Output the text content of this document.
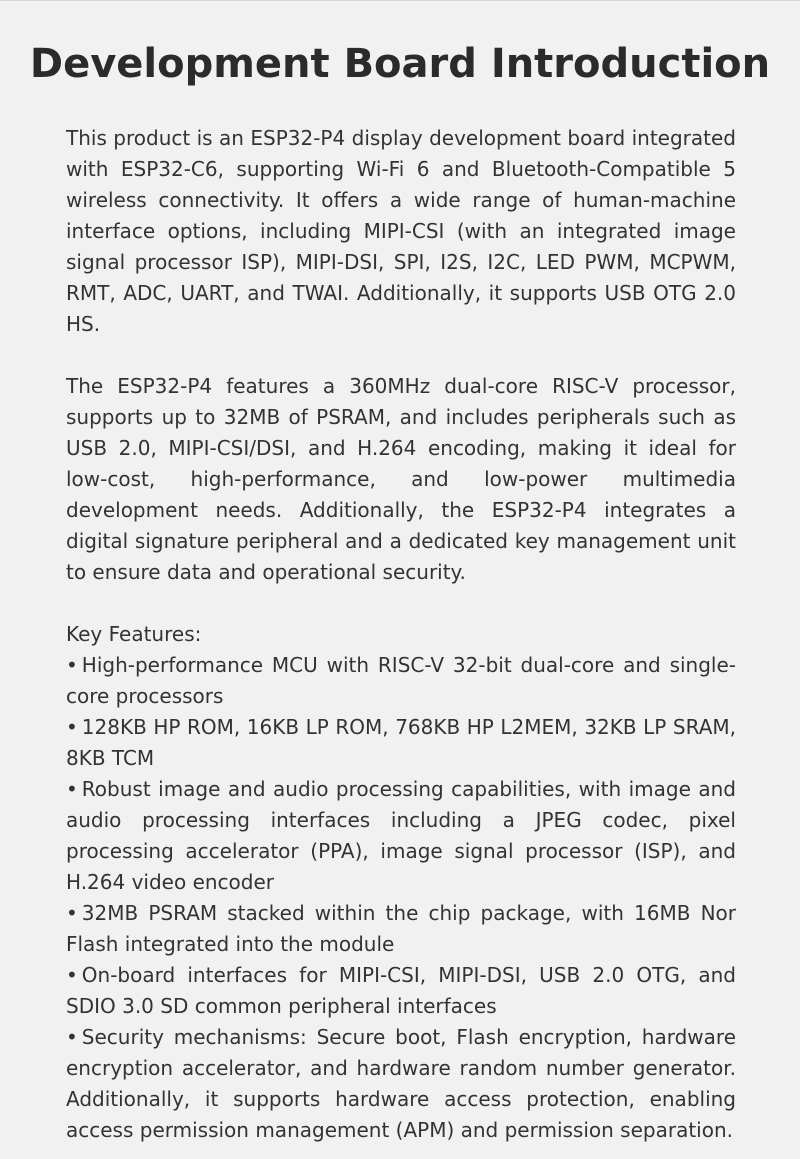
Development Board Introduction

This product is an ESP32-P4 display development board integrated with ESP32-C6, supporting Wi-Fi 6 and Bluetooth-Compatible 5 wireless connectivity. It offers a wide range of human-machine interface options, including MIPI-CSI (with an integrated image signal processor ISP), MIPI-DSI, SPI, I2S, I2C, LED PWM, MCPWM, RMT, ADC, UART, and TWAI. Additionally, it supports USB OTG 2.0 HS.

The ESP32-P4 features a 360MHz dual-core RISC-V processor, supports up to 32MB of PSRAM, and includes peripherals such as USB 2.0, MIPI-CSI/DSI, and H.264 encoding, making it ideal for low-cost, high-performance, and low-power multimedia development needs. Additionally, the ESP32-P4 integrates a digital signature peripheral and a dedicated key management unit to ensure data and operational security.

Key Features:

• High-performance MCU with RISC-V 32-bit dual-core and single-core processors
• 128KB HP ROM, 16KB LP ROM, 768KB HP L2MEM, 32KB LP SRAM, 8KB TCM
• Robust image and audio processing capabilities, with image and audio processing interfaces including a JPEG codec, pixel processing accelerator (PPA), image signal processor (ISP), and H.264 video encoder
• 32MB PSRAM stacked within the chip package, with 16MB Nor Flash integrated into the module
• On-board interfaces for MIPI-CSI, MIPI-DSI, USB 2.0 OTG, and SDIO 3.0 SD common peripheral interfaces
• Security mechanisms: Secure boot, Flash encryption, hardware encryption accelerator, and hardware random number generator. Additionally, it supports hardware access protection, enabling access permission management (APM) and permission separation.
